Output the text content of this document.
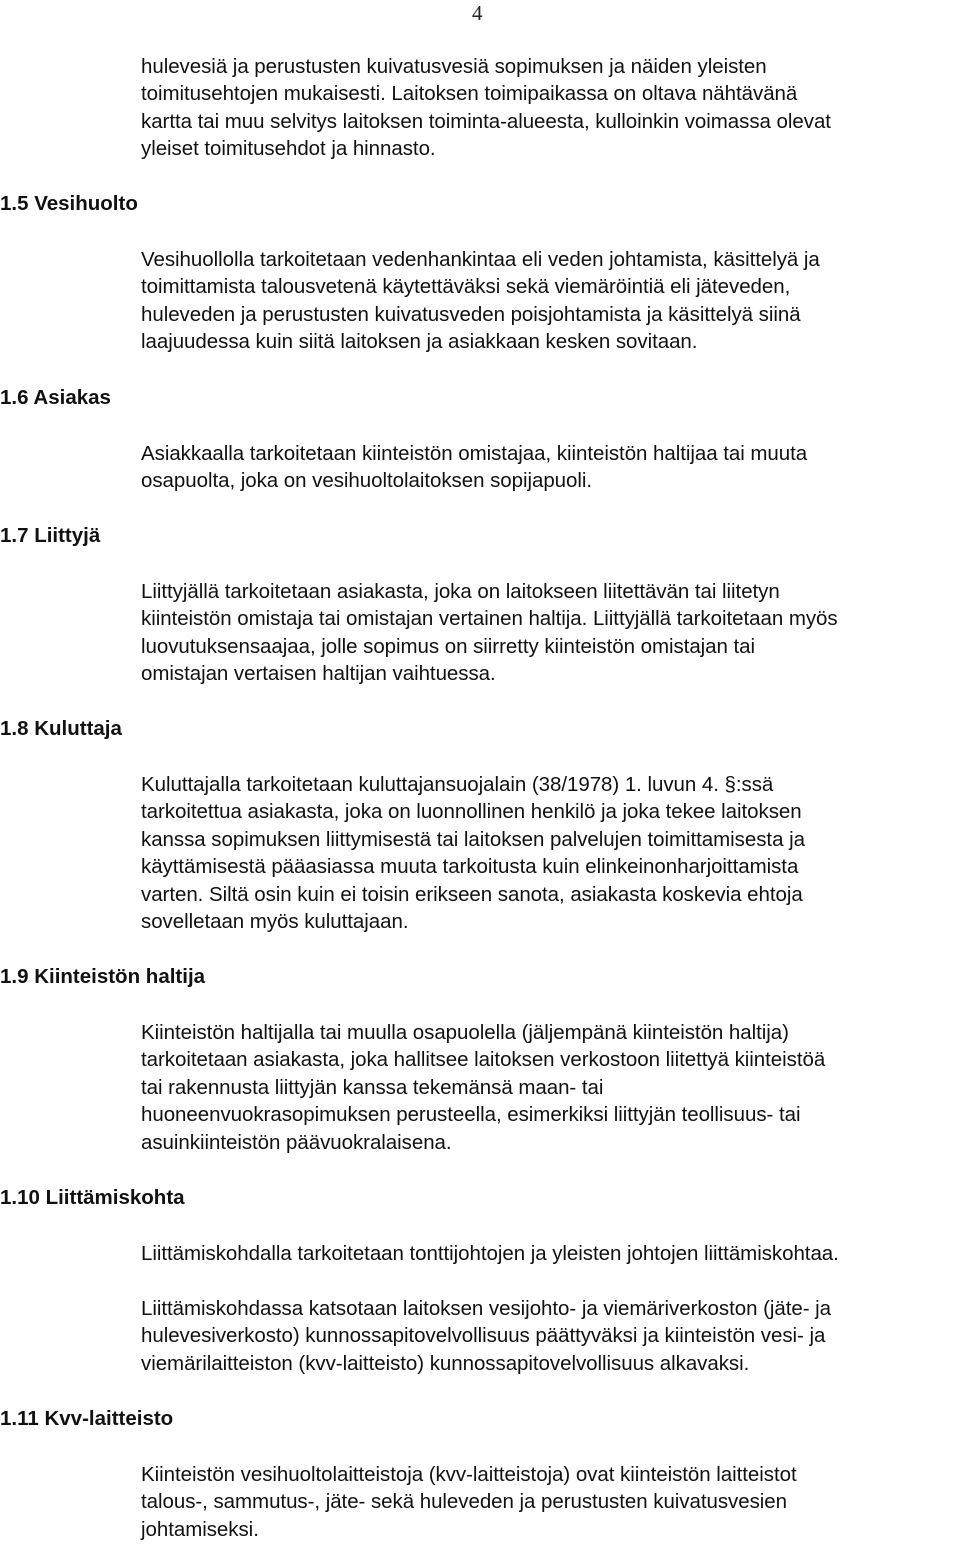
4
hulevesiä ja perustusten kuivatusvesiä sopimuksen ja näiden yleisten
toimitusehtojen mukaisesti. Laitoksen toimipaikassa on oltava nähtävänä
kartta tai muu selvitys laitoksen toiminta-alueesta, kulloinkin voimassa olevat
yleiset toimitusehdot ja hinnasto.
1.5 Vesihuolto
Vesihuollolla tarkoitetaan vedenhankintaa eli veden johtamista, käsittelyä ja
toimittamista talousvetenä käytettäväksi sekä viemäröintiä eli jäteveden,
huleveden ja perustusten kuivatusveden poisjohtamista ja käsittelyä siinä
laajuudessa kuin siitä laitoksen ja asiakkaan kesken sovitaan.
1.6 Asiakas
Asiakkaalla tarkoitetaan kiinteistön omistajaa, kiinteistön haltijaa tai muuta
osapuolta, joka on vesihuoltolaitoksen sopijapuoli.
1.7 Liittyjä
Liittyjällä tarkoitetaan asiakasta, joka on laitokseen liitettävän tai liitetyn
kiinteistön omistaja tai omistajan vertainen haltija. Liittyjällä tarkoitetaan myös
luovutuksensaajaa, jolle sopimus on siirretty kiinteistön omistajan tai
omistajan vertaisen haltijan vaihtuessa.
1.8 Kuluttaja
Kuluttajalla tarkoitetaan kuluttajansuojalain (38/1978) 1. luvun 4. §:ssä
tarkoitettua asiakasta, joka on luonnollinen henkilö ja joka tekee laitoksen
kanssa sopimuksen liittymisestä tai laitoksen palvelujen toimittamisesta ja
käyttämisestä pääasiassa muuta tarkoitusta kuin elinkeinonharjoittamista
varten. Siltä osin kuin ei toisin erikseen sanota, asiakasta koskevia ehtoja
sovelletaan myös kuluttajaan.
1.9 Kiinteistön haltija
Kiinteistön haltijalla tai muulla osapuolella (jäljempänä kiinteistön haltija)
tarkoitetaan asiakasta, joka hallitsee laitoksen verkostoon liitettyä kiinteistöä
tai rakennusta liittyjän kanssa tekemänsä maan- tai
huoneenvuokrasopimuksen perusteella, esimerkiksi liittyjän teollisuus- tai
asuinkiinteistön päävuokralaisena.
1.10 Liittämiskohta
Liittämiskohdalla tarkoitetaan tonttijohtojen ja yleisten johtojen liittämiskohtaa.
Liittämiskohdassa katsotaan laitoksen vesijohto- ja viemäriverkoston (jäte- ja
hulevesiverkosto) kunnossapitovelvollisuus päättyväksi ja kiinteistön vesi- ja
viemärilaitteiston (kvv-laitteisto) kunnossapitovelvollisuus alkavaksi.
1.11 Kvv-laitteisto
Kiinteistön vesihuoltolaitteistoja (kvv-laitteistoja) ovat kiinteistön laitteistot
talous-, sammutus-, jäte- sekä huleveden ja perustusten kuivatusvesien
johtamiseksi.
